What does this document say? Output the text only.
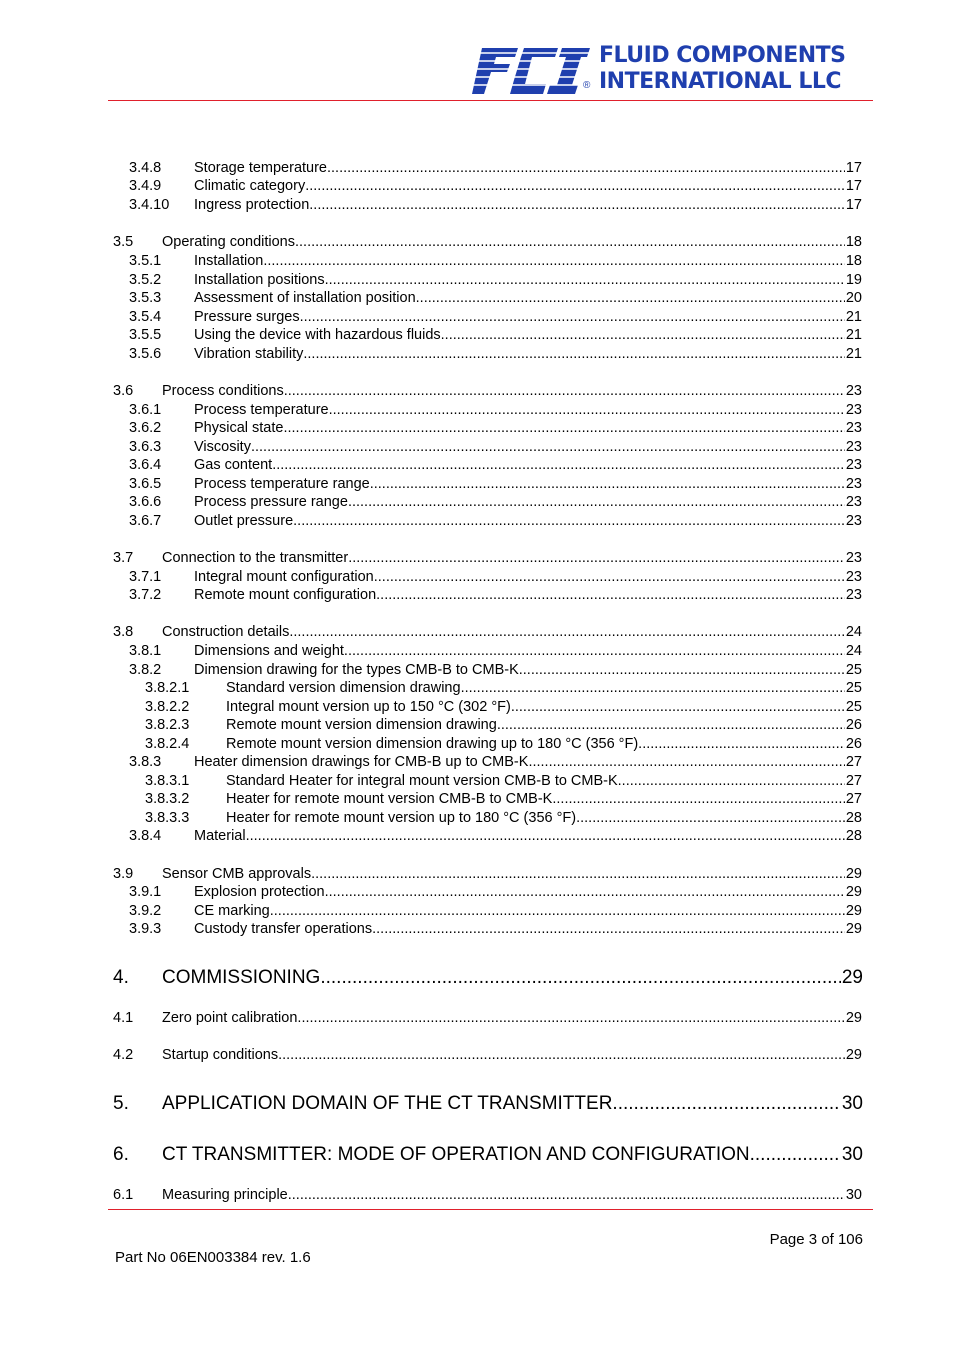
®
FLUID COMPONENTS
INTERNATIONAL LLC
3.4.8 Storage temperature .....	17
3.4.9 Climatic category .....	17
3.4.10 Ingress protection .....	17
3.5 Operating conditions .....	18
3.5.1 Installation .....	18
3.5.2 Installation positions .....	19
3.5.3 Assessment of installation position .....	20
3.5.4 Pressure surges .....	21
3.5.5 Using the device with hazardous fluids .....	21
3.5.6 Vibration stability .....	21
3.6 Process conditions .....	23
3.6.1 Process temperature .....	23
3.6.2 Physical state .....	23
3.6.3 Viscosity .....	23
3.6.4 Gas content .....	23
3.6.5 Process temperature range .....	23
3.6.6 Process pressure range .....	23
3.6.7 Outlet pressure .....	23
3.7 Connection to the transmitter .....	23
3.7.1 Integral mount configuration .....	23
3.7.2 Remote mount configuration .....	23
3.8 Construction details .....	24
3.8.1 Dimensions and weight .....	24
3.8.2 Dimension drawing for the types CMB-B to CMB-K .....	25
3.8.2.1	Standard version dimension drawing .....	25
3.8.2.2	Integral mount version up to 150 °C (302 °F) .....	25
3.8.2.3	Remote mount version dimension drawing .....	26
3.8.2.4	Remote mount version dimension drawing up to 180 °C (356 °F) .....	26
3.8.3 Heater dimension drawings for CMB-B up to CMB-K .....	27
3.8.3.1	Standard Heater for integral mount version CMB-B to CMB-K .....	27
3.8.3.2	Heater for remote mount version CMB-B to CMB-K .....	27
3.8.3.3	Heater for remote mount version up to 180 °C (356 °F) .....	28
3.8.4 Material .....	28
3.9 Sensor CMB approvals .....	29
3.9.1 Explosion protection .....	29
3.9.2 CE marking .....	29
3.9.3 Custody transfer operations .....	29
4. COMMISSIONING .....	29
4.1 Zero point calibration .....	29
4.2 Startup conditions .....	29
5. APPLICATION DOMAIN OF THE CT TRANSMITTER .....	30
6. CT TRANSMITTER: MODE OF OPERATION AND CONFIGURATION .....	30
6.1 Measuring principle .....	30
Page 3 of 106
Part No 06EN003384 rev. 1.6
